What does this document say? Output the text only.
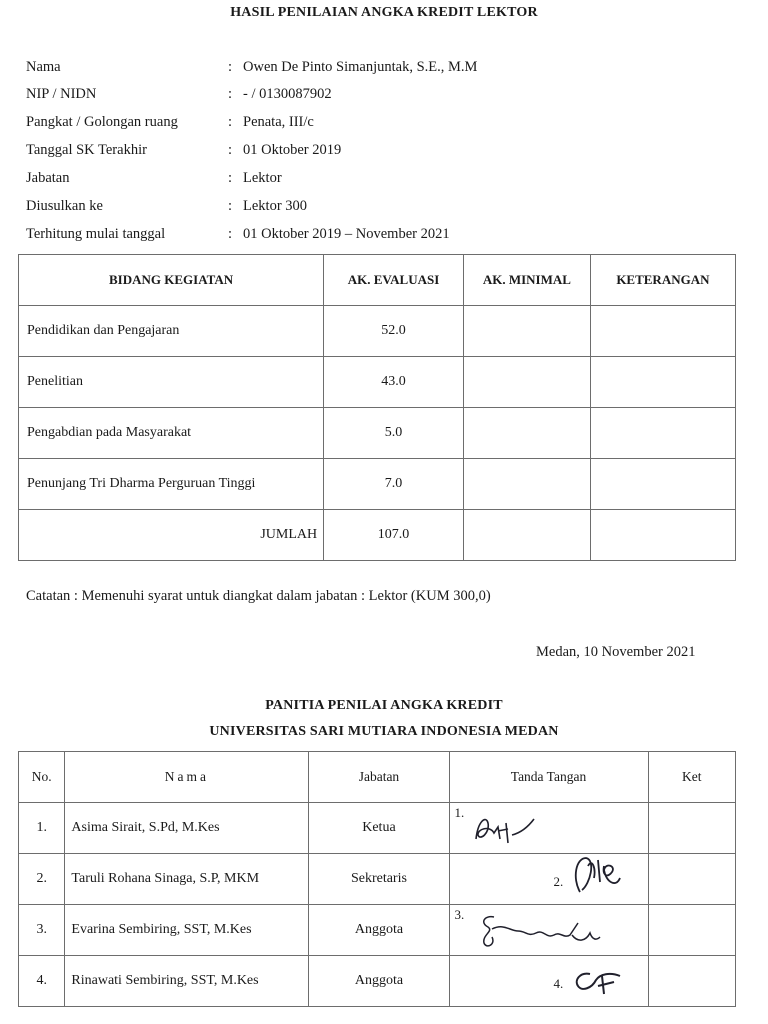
HASIL PENILAIAN ANGKA KREDIT LEKTOR
Nama	: Owen De Pinto Simanjuntak, S.E., M.M
NIP / NIDN	: - / 0130087902
Pangkat / Golongan ruang	: Penata, III/c
Tanggal SK Terakhir	: 01 Oktober 2019
Jabatan	: Lektor
Diusulkan ke	: Lektor 300
Terhitung mulai tanggal	: 01 Oktober 2019 – November 2021
BIDANG KEGIATAN	AK. EVALUASI	AK. MINIMAL	KETERANGAN
Pendidikan dan Pengajaran	52.0		
Penelitian	43.0		
Pengabdian pada Masyarakat	5.0		
Penunjang Tri Dharma Perguruan Tinggi	7.0		
JUMLAH	107.0		
Catatan : Memenuhi syarat untuk diangkat dalam jabatan : Lektor (KUM 300,0)
Medan, 10 November 2021
PANITIA PENILAI ANGKA KREDIT
UNIVERSITAS SARI MUTIARA INDONESIA MEDAN
No.	Nama	Jabatan	Tanda Tangan	Ket
1.	Asima Sirait, S.Pd, M.Kes	Ketua	1.	

2.	Taruli Rohana Sinaga, S.P, MKM	Sekretaris	2.	

3.	Evarina Sembiring, SST, M.Kes	Anggota	3.	

4.	Rinawati Sembiring, SST, M.Kes	Anggota	4.	
